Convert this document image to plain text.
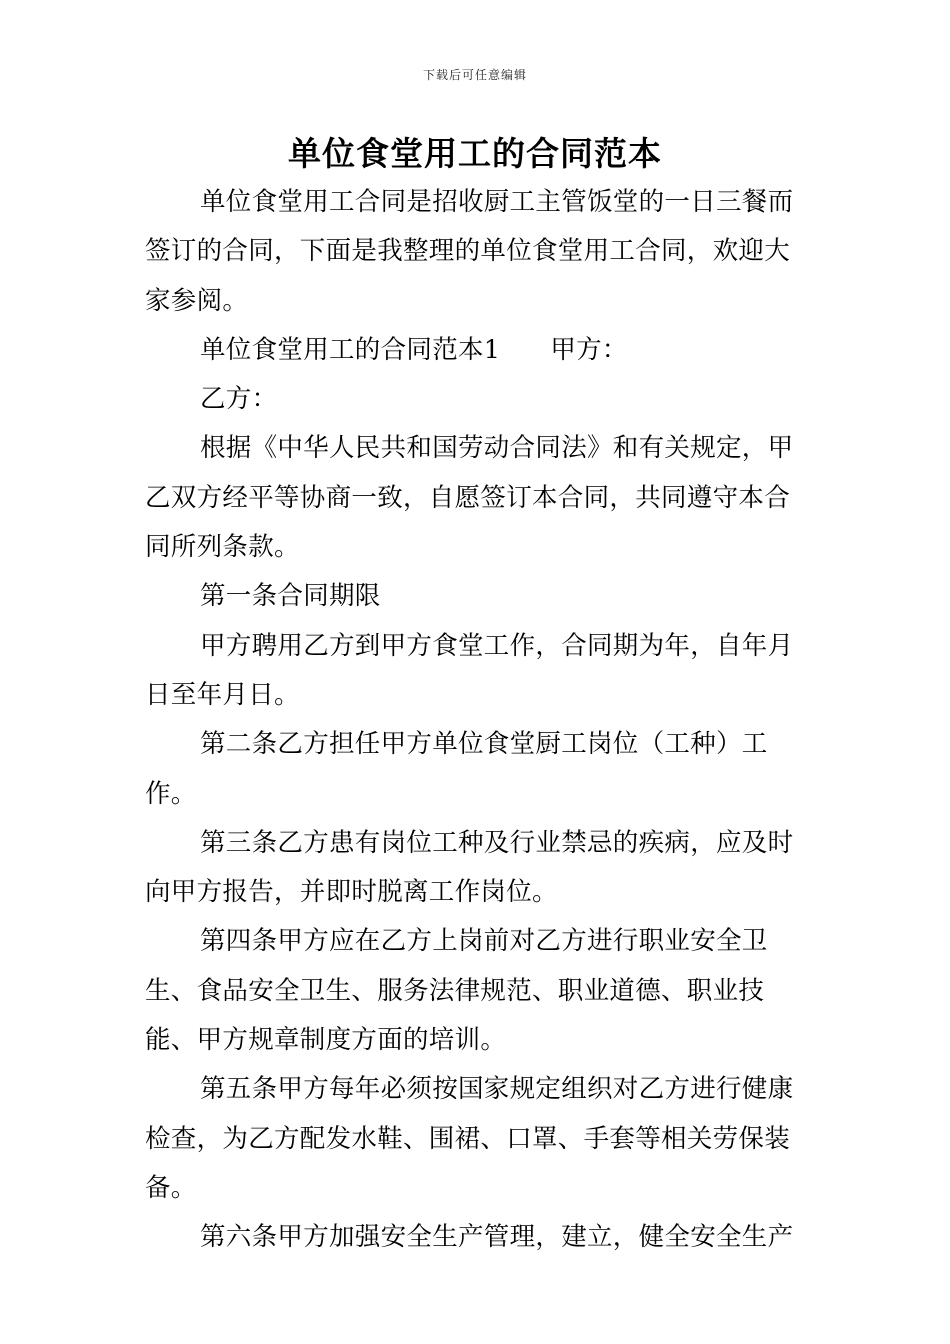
下载后可任意编辑
单位食堂用工的合同范本

单位食堂用工合同是招收厨工主管饭堂的一日三餐而签订的合同，下面是我整理的单位食堂用工合同，欢迎大家参阅。

单位食堂用工的合同范本1 甲方：

乙方：

根据《中华人民共和国劳动合同法》和有关规定，甲乙双方经平等协商一致，自愿签订本合同，共同遵守本合同所列条款。

第一条合同期限

甲方聘用乙方到甲方食堂工作，合同期为年，自年月日至年月日。

第二条乙方担任甲方单位食堂厨工岗位（工种）工作。

第三条乙方患有岗位工种及行业禁忌的疾病，应及时向甲方报告，并即时脱离工作岗位。

第四条甲方应在乙方上岗前对乙方进行职业安全卫生、食品安全卫生、服务法律规范、职业道德、职业技能、甲方规章制度方面的培训。

第五条甲方每年必须按国家规定组织对乙方进行健康检查，为乙方配发水鞋、围裙、口罩、手套等相关劳保装备。

第六条甲方加强安全生产管理，建立，健全安全生产
